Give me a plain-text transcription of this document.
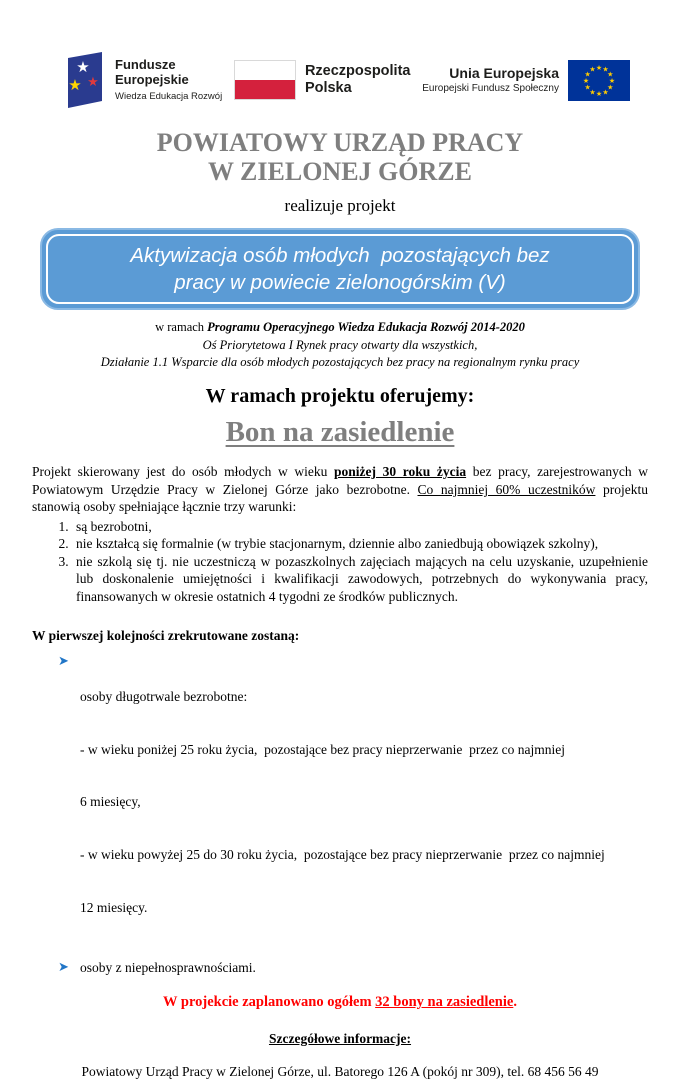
★
★ ★
Fundusze
Europejskie
Wiedza Edukacja Rozwój
Rzeczpospolita
Polska
Unia Europejska
Europejski Fundusz Społeczny
★ ★
★
★
★
★
★
★
★
★
★
★
POWIATOWY URZĄD PRACY
W ZIELONEJ GÓRZE
realizuje projekt
Aktywizacja osób młodych  pozostających bez
pracy w powiecie zielonogórskim (V)
w ramach Programu Operacyjnego Wiedza Edukacja Rozwój 2014-2020
Oś Priorytetowa I Rynek pracy otwarty dla wszystkich,
Działanie 1.1 Wsparcie dla osób młodych pozostających bez pracy na regionalnym rynku pracy
W ramach projektu oferujemy:
Bon na zasiedlenie
Projekt skierowany jest do osób młodych w wieku poniżej 30 roku życia bez pracy, zarejestrowanych w Powiatowym Urzędzie Pracy w Zielonej Górze jako bezrobotne. Co najmniej 60% uczestników projektu stanowią osoby spełniające łącznie trzy warunki:
1. są bezrobotni,
2. nie kształcą się formalnie (w trybie stacjonarnym, dziennie albo zaniedbują obowiązek szkolny),
3. nie szkolą się tj. nie uczestniczą w pozaszkolnych zajęciach mających na celu uzyskanie, uzupełnienie lub doskonalenie umiejętności i kwalifikacji zawodowych, potrzebnych do wykonywania pracy, finansowanych w okresie ostatnich 4 tygodni ze środków publicznych.
W pierwszej kolejności zrekrutowane zostaną:
➤

osoby długotrwale bezrobotne:

- w wieku poniżej 25 roku życia,  pozostające bez pracy nieprzerwanie  przez co najmniej

6 miesięcy,

- w wieku powyżej 25 do 30 roku życia,  pozostające bez pracy nieprzerwanie  przez co najmniej

12 miesięcy.

➤ osoby z niepełnosprawnościami.
W projekcie zaplanowano ogółem 32 bony na zasiedlenie.
Szczegółowe informacje:
Powiatowy Urząd Pracy w Zielonej Górze, ul. Batorego 126 A (pokój nr 309), tel. 68 456 56 49
